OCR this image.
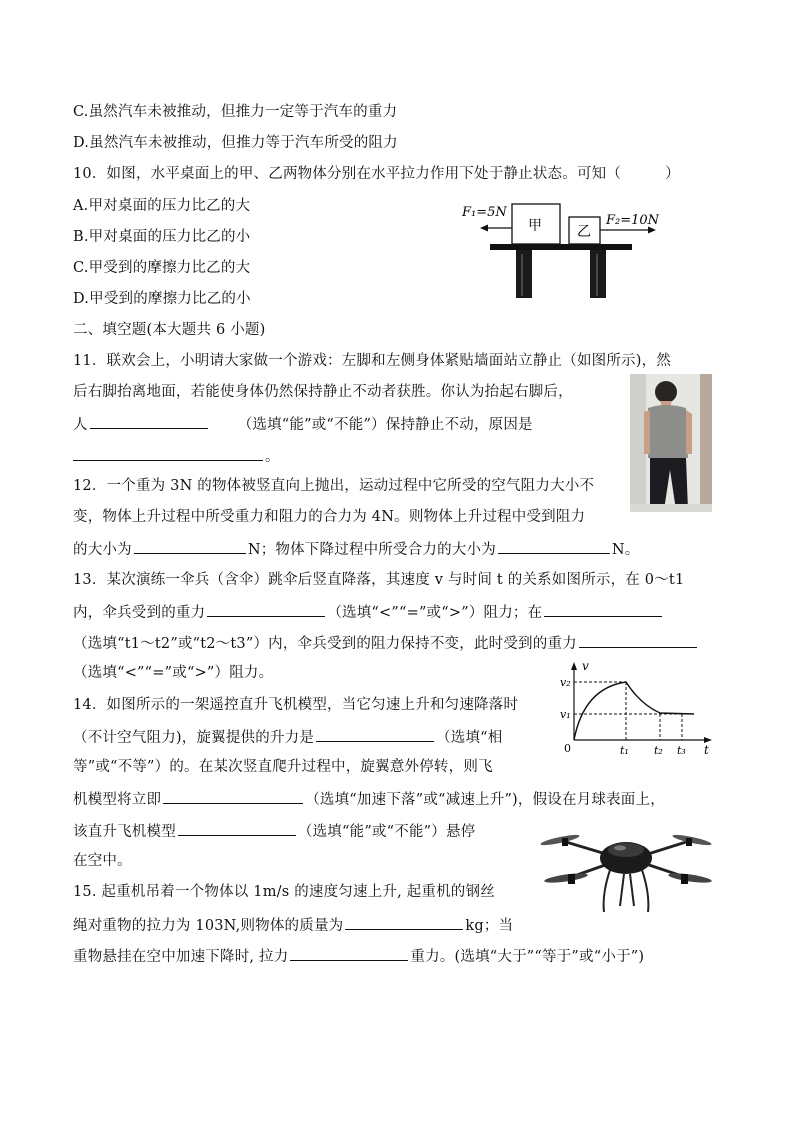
C.虽然汽车未被推动，但推力一定等于汽车的重力
D.虽然汽车未被推动，但推力等于汽车所受的阻力
10．如图，水平桌面上的甲、乙两物体分别在水平拉力作用下处于静止状态。可知（　　　）
A.甲对桌面的压力比乙的大
B.甲对桌面的压力比乙的小
C.甲受到的摩擦力比乙的大
D.甲受到的摩擦力比乙的小
F₁=5N
甲	乙
F₂=10N
二、填空题(本大题共 6 小题)
11．联欢会上，小明请大家做一个游戏：左脚和左侧身体紧贴墙面站立静止（如图所示)，然
后右脚抬离地面，若能使身体仍然保持静止不动者获胜。你认为抬起右脚后，
人	（选填“能”或“不能”）保持静止不动，原因是
。
12．一个重为 3N 的物体被竖直向上抛出，运动过程中它所受的空气阻力大小不
变，物体上升过程中所受重力和阻力的合力为 4N。则物体上升过程中受到阻力
的大小为	N；物体下降过程中所受合力的大小为	N。
13．某次演练一伞兵（含伞）跳伞后竖直降落，其速度 v 与时间 t 的关系如图所示，在 0～t1
内，伞兵受到的重力	（选填“<”“=”或“>”）阻力；在
（选填“t1～t2”或“t2～t3”）内，伞兵受到的阻力保持不变，此时受到的重力
（选填“<”“=”或“>”）阻力。	v
t
0
v₂
v₁
t₁ t₂ t₃
14．如图所示的一架遥控直升飞机模型，当它匀速上升和匀速降落时
（不计空气阻力)，旋翼提供的升力是	（选填“相
等”或“不等”）的。在某次竖直爬升过程中，旋翼意外停转，则飞
机模型将立即	（选填“加速下落”或“减速上升”)，假设在月球表面上，
该直升飞机模型	（选填“能”或“不能”）悬停
在空中。
15. 起重机吊着一个物体以 1m/s 的速度匀速上升, 起重机的钢丝
绳对重物的拉力为 103N,则物体的质量为	kg；当
重物悬挂在空中加速下降时, 拉力	重力。(选填“大于”“等于”或“小于”)
